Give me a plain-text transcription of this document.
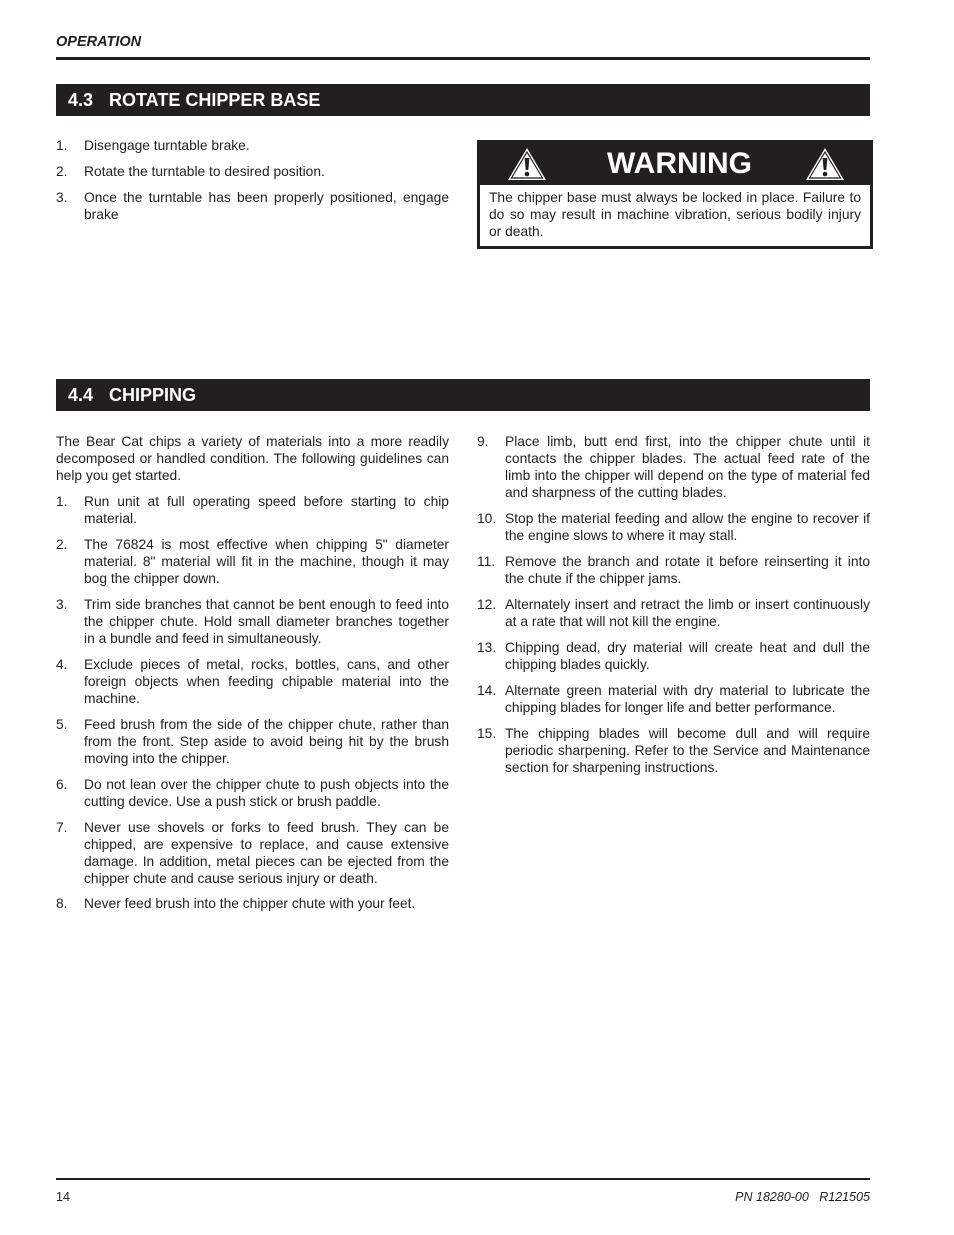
OPERATION
4.3 ROTATE CHIPPER BASE
1. Disengage turntable brake.
2. Rotate the turntable to desired position.
3. Once the turntable has been properly positioned, engage brake
WARNING
The chipper base must always be locked in place. Failure to do so may result in machine vibration, serious bodily injury or death.
4.4 CHIPPING

The Bear Cat chips a variety of materials into a more readily decomposed or handled condition. The following guidelines can help you get started.

1. Run unit at full operating speed before starting to chip material.
2. The 76824 is most effective when chipping 5" diameter material. 8" material will fit in the machine, though it may bog the chipper down.
3. Trim side branches that cannot be bent enough to feed into the chipper chute. Hold small diameter branches together in a bundle and feed in simultaneously.
4. Exclude pieces of metal, rocks, bottles, cans, and other foreign objects when feeding chipable material into the machine.
5. Feed brush from the side of the chipper chute, rather than from the front. Step aside to avoid being hit by the brush moving into the chipper.
6. Do not lean over the chipper chute to push objects into the cutting device. Use a push stick or brush paddle.
7. Never use shovels or forks to feed brush. They can be chipped, are expensive to replace, and cause extensive damage. In addition, metal pieces can be ejected from the chipper chute and cause serious injury or death.
8. Never feed brush into the chipper chute with your feet.
9. Place limb, butt end first, into the chipper chute until it contacts the chipper blades. The actual feed rate of the limb into the chipper will depend on the type of material fed and sharpness of the cutting blades.
10. Stop the material feeding and allow the engine to recover if the engine slows to where it may stall.
11. Remove the branch and rotate it before reinserting it into the chute if the chipper jams.
12. Alternately insert and retract the limb or insert continuously at a rate that will not kill the engine.
13. Chipping dead, dry material will create heat and dull the chipping blades quickly.
14. Alternate green material with dry material to lubricate the chipping blades for longer life and better performance.
15. The chipping blades will become dull and will require periodic sharpening. Refer to the Service and Maintenance section for sharpening instructions.
14	PN 18280-00   R121505
